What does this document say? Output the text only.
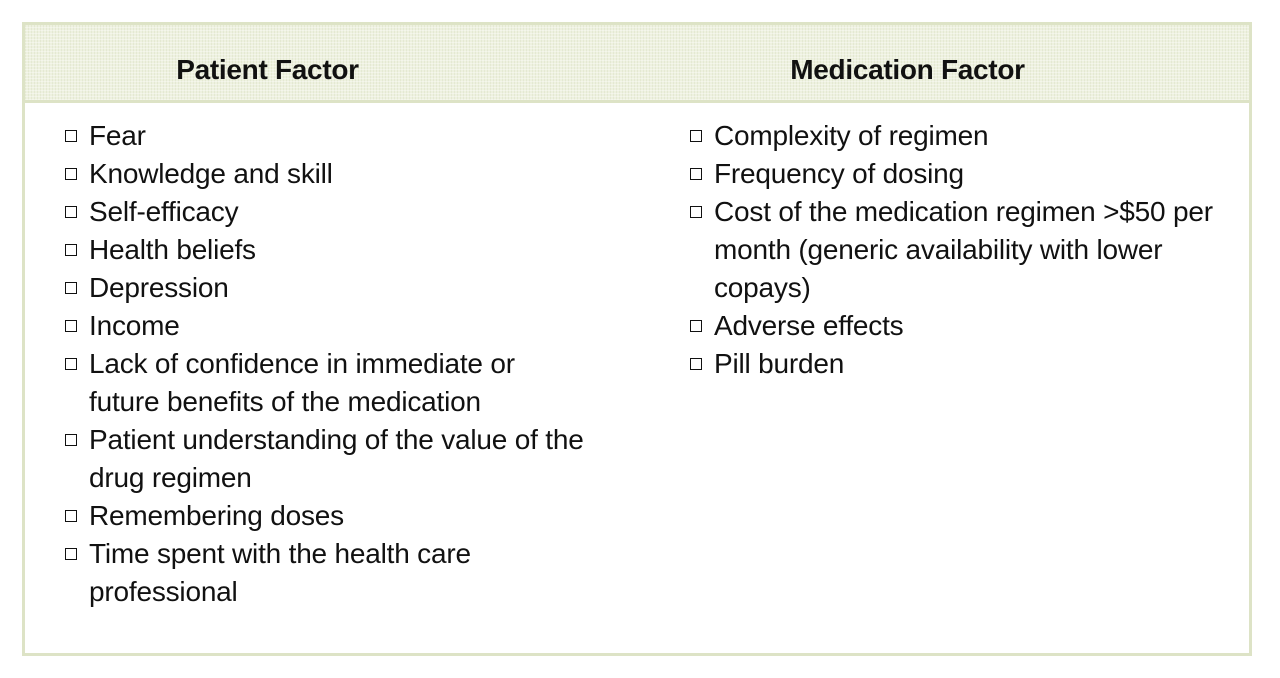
Patient Factor	Medication Factor
Fear
Knowledge and skill
Self-efficacy
Health beliefs
Depression
Income
Lack of confidence in immediate or future benefits of the medication
Patient understanding of the value of the drug regimen
Remembering doses
Time spent with the health care professional
Complexity of regimen
Frequency of dosing
Cost of the medication regimen >$50 per month (generic availability with lower copays)
Adverse effects
Pill burden
